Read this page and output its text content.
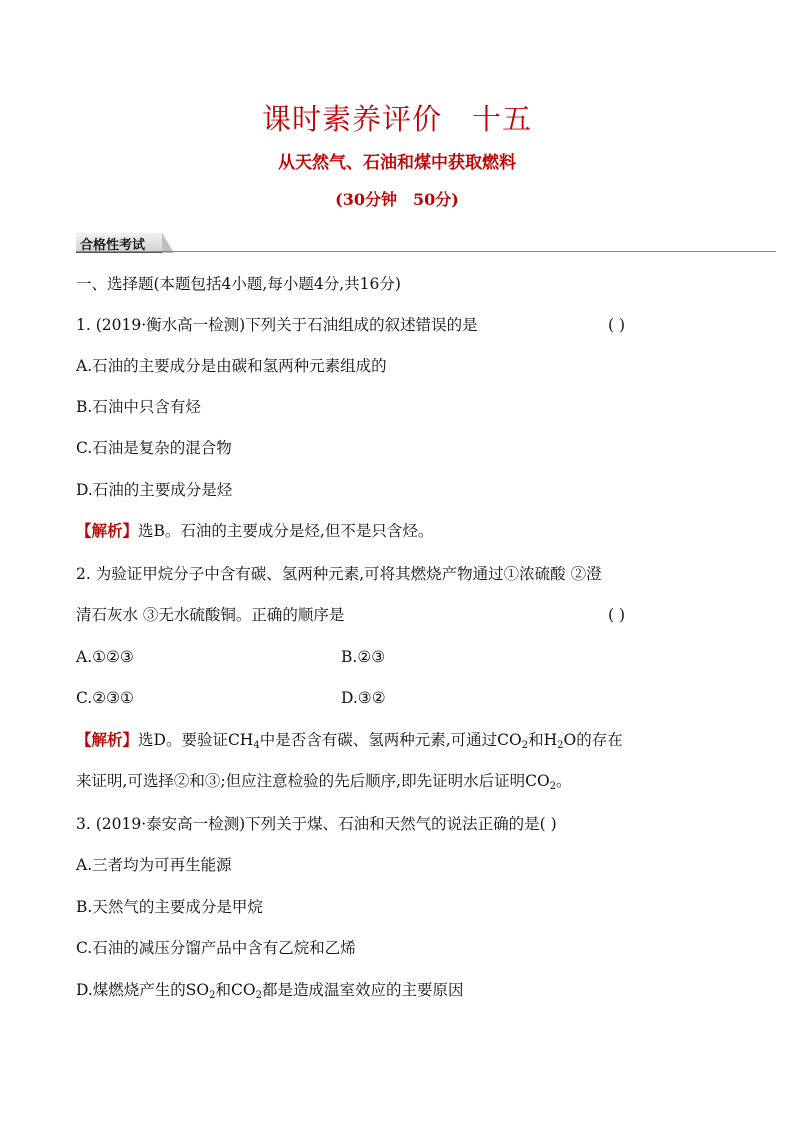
课时素养评价 十五
从天然气、石油和煤中获取燃料
(30分钟 50分)
合格性考试
一、选择题(本题包括4小题,每小题4分,共16分)
1. (2019·衡水高一检测)下列关于石油组成的叙述错误的是	( )
A.石油的主要成分是由碳和氢两种元素组成的
B.石油中只含有烃
C.石油是复杂的混合物
D.石油的主要成分是烃
【解析】选B。石油的主要成分是烃,但不是只含烃。
2. 为验证甲烷分子中含有碳、氢两种元素,可将其燃烧产物通过①浓硫酸 ②澄
清石灰水 ③无水硫酸铜。正确的顺序是	( )
A.①②③	B.②③
C.②③①	D.③②
【解析】选D。要验证$CH_4$中是否含有碳、氢两种元素,可通过$CO_2$和$H_2O$的存在
来证明,可选择②和③;但应注意检验的先后顺序,即先证明水后证明$CO_2$。
3. (2019·泰安高一检测)下列关于煤、石油和天然气的说法正确的是( )
A.三者均为可再生能源
B.天然气的主要成分是甲烷
C.石油的减压分馏产品中含有乙烷和乙烯
D.煤燃烧产生的$SO_2$和$CO_2$都是造成温室效应的主要原因
